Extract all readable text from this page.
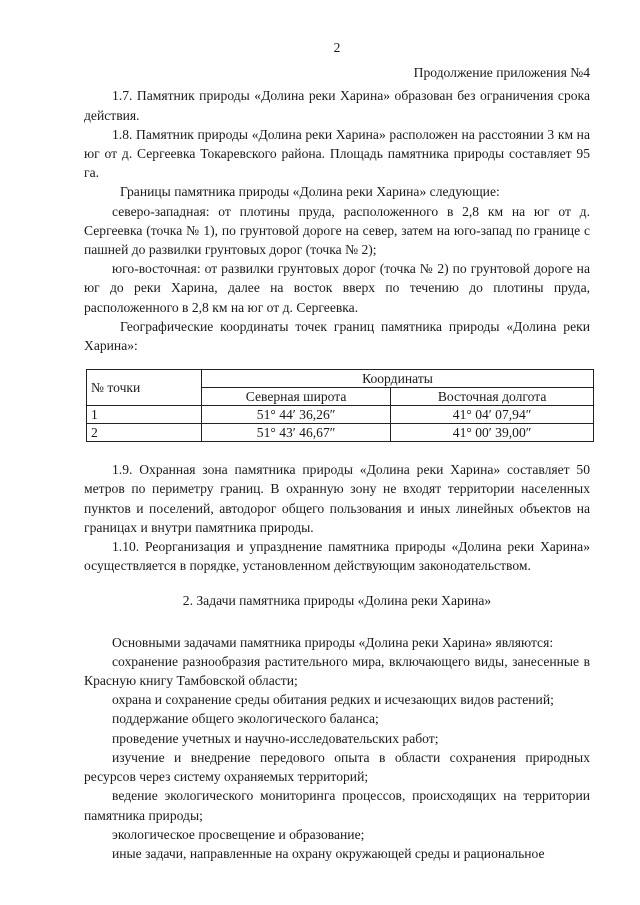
2
Продолжение приложения №4

1.7. Памятник природы «Долина реки Харина» образован без ограничения срока действия.

1.8. Памятник природы «Долина реки Харина» расположен на расстоянии 3 км на юг от д. Сергеевка Токаревского района. Площадь памятника природы составляет 95 га.

Границы памятника природы «Долина реки Харина» следующие:

северо-западная: от плотины пруда, расположенного в 2,8 км на юг от д. Сергеевка (точка № 1), по грунтовой дороге на север, затем на юго-запад по границе с пашней до развилки грунтовых дорог (точка № 2);

юго-восточная: от развилки грунтовых дорог (точка № 2) по грунтовой дороге на юг до реки Харина, далее на восток вверх по течению до плотины пруда, расположенного в 2,8 км на юг от д. Сергеевка.

Географические координаты точек границ памятника природы «Долина реки Харина»:

№ точки	Координаты	
	Северная широта	Восточная долгота
1	51° 44′ 36,26″	41° 04′ 07,94″
2	51° 43′ 46,67″	41° 00′ 39,00″

1.9. Охранная зона памятника природы «Долина реки Харина» составляет 50 метров по периметру границ. В охранную зону не входят территории населенных пунктов и поселений, автодорог общего пользования и иных линейных объектов на границах и внутри памятника природы.

1.10. Реорганизация и упразднение памятника природы «Долина реки Харина» осуществляется в порядке, установленном действующим законодательством.

2. Задачи памятника природы «Долина реки Харина»

Основными задачами памятника природы «Долина реки Харина» являются:

сохранение разнообразия растительного мира, включающего виды, занесенные в Красную книгу Тамбовской области;

охрана и сохранение среды обитания редких и исчезающих видов растений;

поддержание общего экологического баланса;

проведение учетных и научно-исследовательских работ;

изучение и внедрение передового опыта в области сохранения природных ресурсов через систему охраняемых территорий;

ведение экологического мониторинга процессов, происходящих на территории памятника природы;

экологическое просвещение и образование;

иные задачи, направленные на охрану окружающей среды и рациональное
